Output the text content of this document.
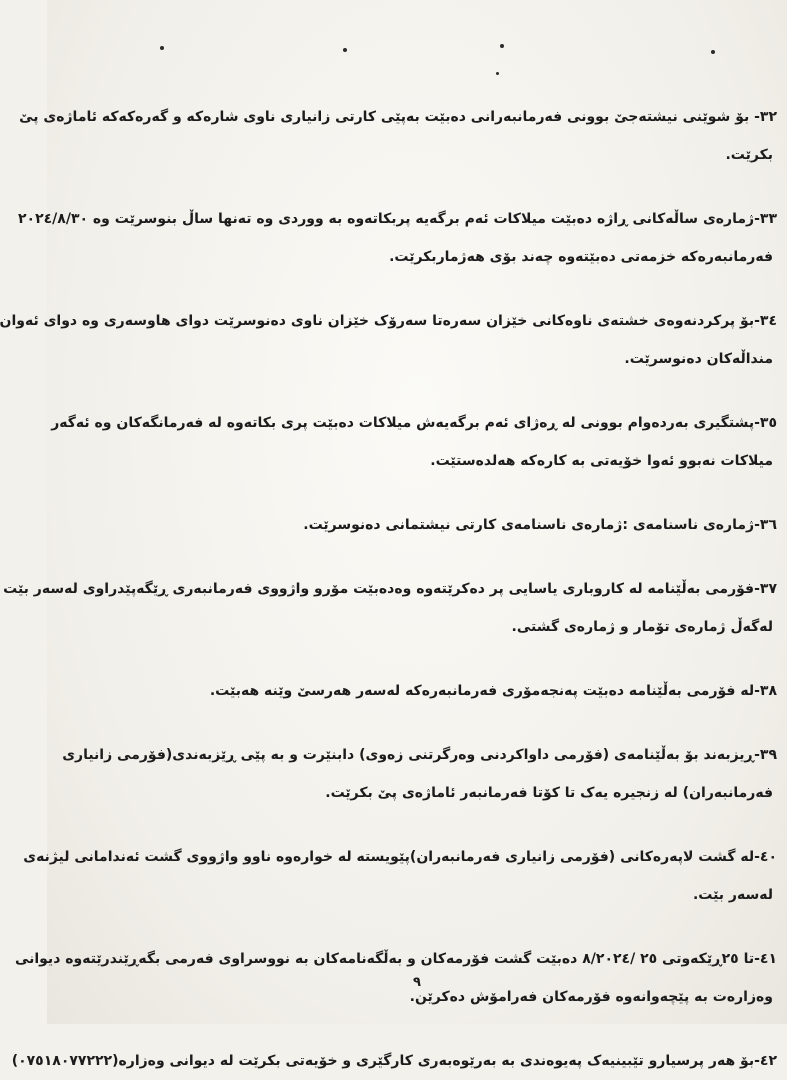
٣٢- بۆ شوێنی نیشتەجێ بوونی فەرمانبەرانی دەبێت بەپێی کارتی زانیاری ناوی شارەکە و گەرەکەکە ئاماژەی پێ
بکرێت.
٣٣-ژمارەی ساڵەکانی ڕاژە دەبێت میلاکات ئەم برگەیە پربکاتەوە بە ووردی وە تەنها ساڵ بنوسرێت وە ٢٠٢٤/٨/٣٠
فەرمانبەرەکە خزمەتی دەبێتەوە چەند بۆی هەژماربکرێت.
٣٤-بۆ پرکردنەوەی خشتەی ناوەکانی خێزان سەرەتا سەرۆک خێزان ناوی دەنوسرێت دوای هاوسەری وە دوای ئەوان
منداڵەکان دەنوسرێت.
٣٥-پشتگیری بەردەوام بوونی لە ڕەژای ئەم برگەیەش میلاکات دەبێت پری بکاتەوە لە فەرمانگەکان وە ئەگەر
میلاکات نەبوو ئەوا خۆیەتی بە کارەکە هەلدەستێت.
٣٦-ژمارەی ناسنامەی :ژمارەی ناسنامەی کارتی نیشتمانی دەنوسرێت.
٣٧-فۆرمی بەڵێنامە لە کاروباری یاسایی پر دەکرێتەوە وەدەبێت مۆرو واژووی فەرمانبەری ڕێگەپێدراوی لەسەر بێت
لەگەڵ ژمارەی تۆمار و ژمارەی گشتی.
٣٨-لە فۆرمی بەڵێنامە دەبێت پەنجەمۆری فەرمانبەرەکە لەسەر هەرسێ وێنە هەبێت.
٣٩-ڕیزبەند بۆ بەڵێنامەی (فۆرمی داواکردنی وەرگرتنی زەوی) دابنێرت و بە پێی ڕێزبەندی(فۆرمی زانیاری
فەرمانبەران) لە زنجیرە یەک تا کۆتا فەرمانبەر ئاماژەی پێ بکرێت.
٤٠-لە گشت لاپەرەکانی (فۆرمی زانیاری فەرمانبەران)پێویستە لە خوارەوە ناوو واژووی گشت ئەندامانی لیژنەی
لەسەر بێت.
٤١-تا ٢٥ڕێکەوتی ٢٥ /٨/٢٠٢٤ دەبێت گشت فۆرمەکان و بەڵگەنامەکان بە نووسراوی فەرمی بگەڕێندرێتەوە دیوانی
وەزارەت بە پێچەوانەوە فۆرمەکان فەرامۆش دەکرێن.
٤٢-بۆ هەر پرسیارو تێبینیەک پەیوەندی بە بەرێوەبەری کارگێری و خۆیەتی بکرێت لە دیوانی وەزارە(٠٧٥١٨٠٧٧٢٢٢)
٩
